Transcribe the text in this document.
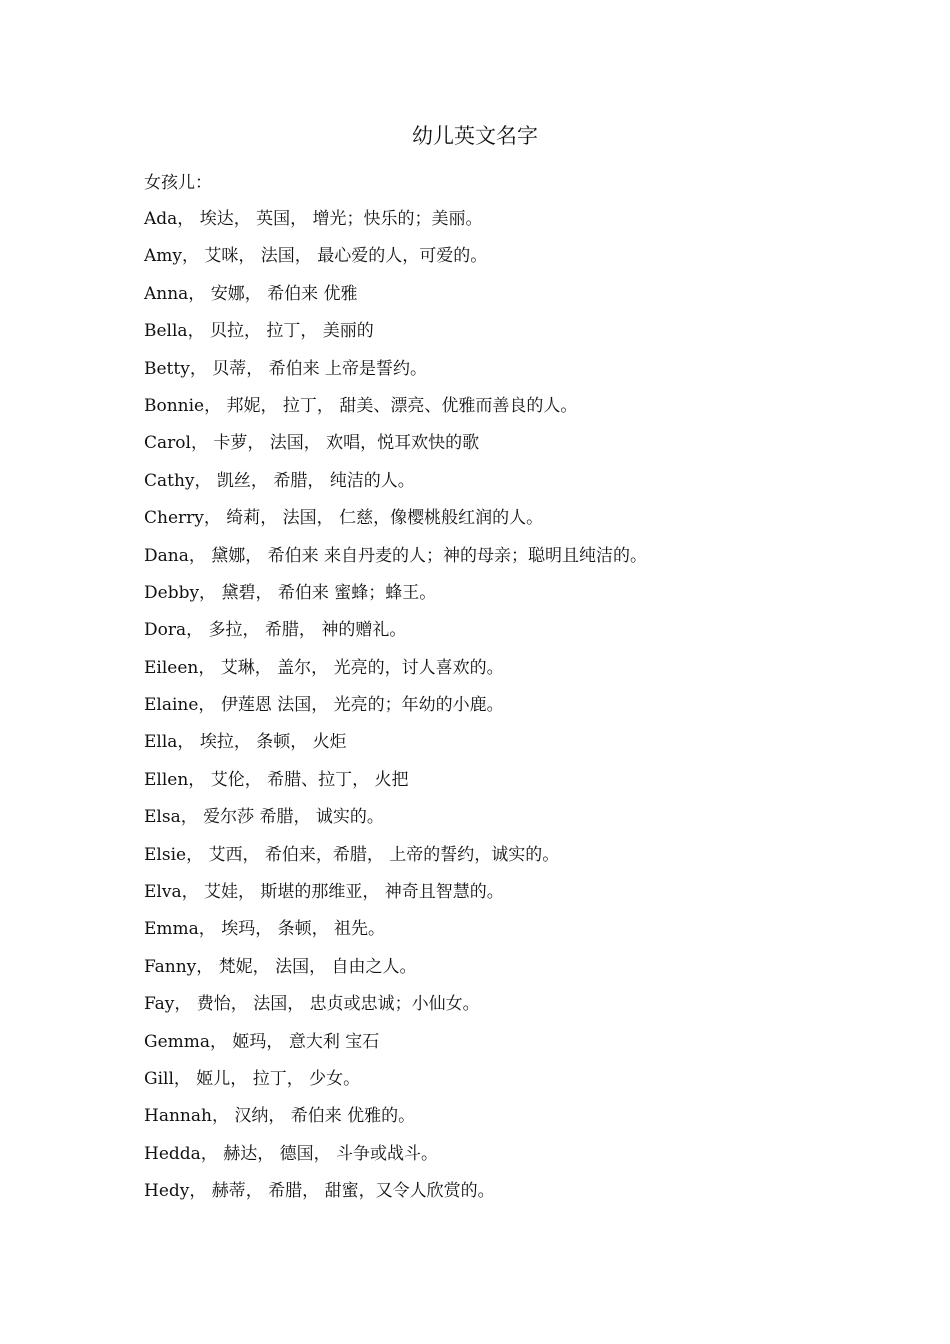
幼儿英文名字

女孩儿：

Ada， 埃达， 英国， 增光；快乐的；美丽。
Amy， 艾咪， 法国， 最心爱的人，可爱的。
Anna， 安娜， 希伯来 优雅
Bella， 贝拉， 拉丁， 美丽的
Betty， 贝蒂， 希伯来 上帝是誓约。
Bonnie， 邦妮， 拉丁， 甜美、漂亮、优雅而善良的人。
Carol， 卡萝， 法国， 欢唱，悦耳欢快的歌
Cathy， 凯丝， 希腊， 纯洁的人。
Cherry， 绮莉， 法国， 仁慈，像樱桃般红润的人。
Dana， 黛娜， 希伯来 来自丹麦的人；神的母亲；聪明且纯洁的。
Debby， 黛碧， 希伯来 蜜蜂；蜂王。
Dora， 多拉， 希腊， 神的赠礼。
Eileen， 艾琳， 盖尔， 光亮的，讨人喜欢的。
Elaine， 伊莲恩 法国， 光亮的；年幼的小鹿。
Ella， 埃拉， 条顿， 火炬
Ellen， 艾伦， 希腊、拉丁， 火把
Elsa， 爱尔莎 希腊， 诚实的。
Elsie， 艾西， 希伯来，希腊， 上帝的誓约，诚实的。
Elva， 艾娃， 斯堪的那维亚， 神奇且智慧的。
Emma， 埃玛， 条顿， 祖先。
Fanny， 梵妮， 法国， 自由之人。
Fay， 费怡， 法国， 忠贞或忠诚；小仙女。
Gemma， 姬玛， 意大利 宝石
Gill， 姬儿， 拉丁， 少女。
Hannah， 汉纳， 希伯来 优雅的。
Hedda， 赫达， 德国， 斗争或战斗。
Hedy， 赫蒂， 希腊， 甜蜜，又令人欣赏的。
